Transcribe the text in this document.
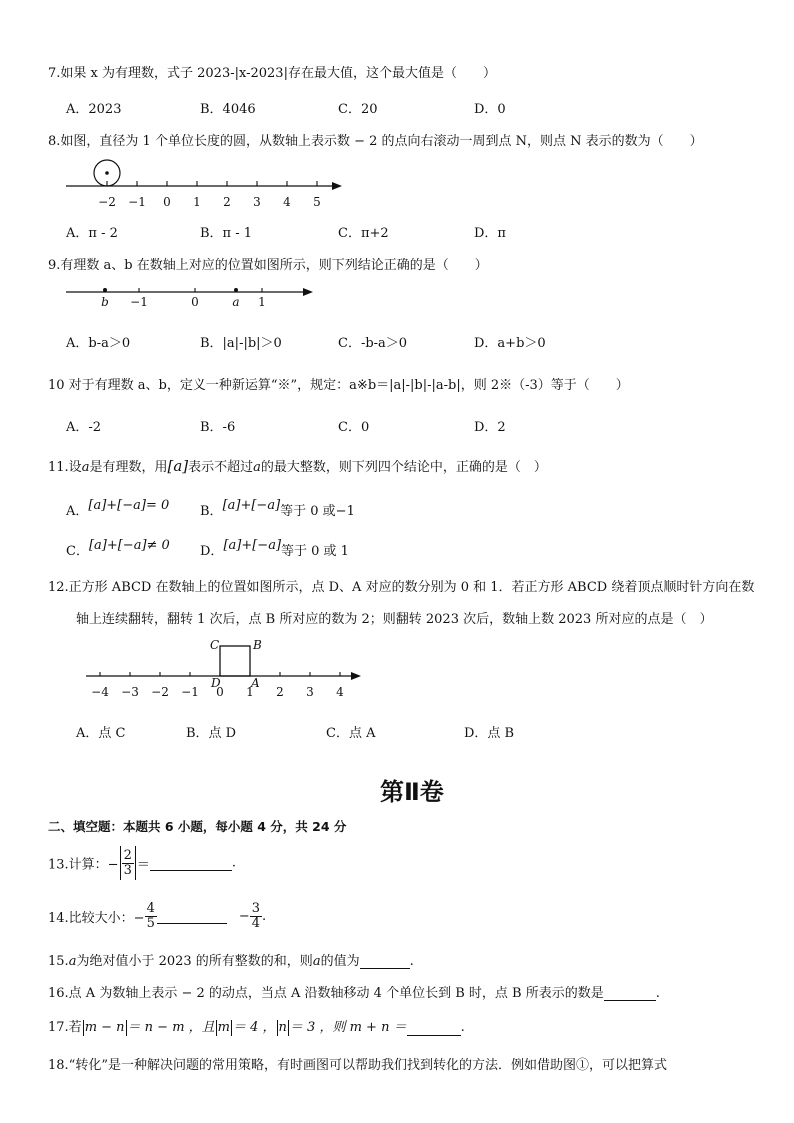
7.如果 x 为有理数，式子 2023-|x-2023|存在最大值，这个最大值是（　　）
A．2023	B．4046	C．20	D．0
8.如图，直径为 1 个单位长度的圆，从数轴上表示数 − 2 的点向右滚动一周到点 N，则点 N 表示的数为（　　）
−2 −1 0 1 2 3 4 5
A．π - 2	B．π - 1	C．π+2	D．π
9.有理数 a、b 在数轴上对应的位置如图所示，则下列结论正确的是（　　）
b −1	0	a 1
A．b-a＞0	B．|a|-|b|＞0	C．-b-a＞0	D．a+b＞0
10 对于有理数 a、b，定义一种新运算“※”，规定：a※b＝|a|-|b|-|a-b|，则 2※（-3）等于（　　）
A．-2	B．-6	C．0	D．2
11.设a是有理数，用[a]表示不超过a的最大整数，则下列四个结论中，正确的是（　）
A．[a]+[−a]= 0 B．[a]+[−a]等于 0 或−1
C．[a]+[−a]≠ 0 D．[a]+[−a]等于 0 或 1
12.正方形 ABCD 在数轴上的位置如图所示，点 D、A 对应的数分别为 0 和 1．若正方形 ABCD 绕着顶点顺时针方向在数
轴上连续翻转，翻转 1 次后，点 B 所对应的数为 2；则翻转 2023 次后，数轴上数 2023 所对应的点是（　）
C	B
D	A
−4 −3 −2 −1	2 3 4
0 1
A．点 C	B．点 D	C．点 A	D．点 B
第Ⅱ卷
二、填空题：本题共 6 小题，每小题 4 分，共 24 分
13.计算：− $\frac{2}{3}$ ＝	.
14.比较大小：− $\frac{4}{5}$	− $\frac{3}{4}$ .
15.a为绝对值小于 2023 的所有整数的和，则a的值为	.
16.点 A 为数轴上表示 − 2 的动点，当点 A 沿数轴移动 4 个单位长到 B 时，点 B 所表示的数是	.
17.若 m − n ＝ n − m ，且 m ＝ 4 ， n ＝ 3 ，则 m + n ＝	.
18.“转化”是一种解决问题的常用策略，有时画图可以帮助我们找到转化的方法．例如借助图①，可以把算式
